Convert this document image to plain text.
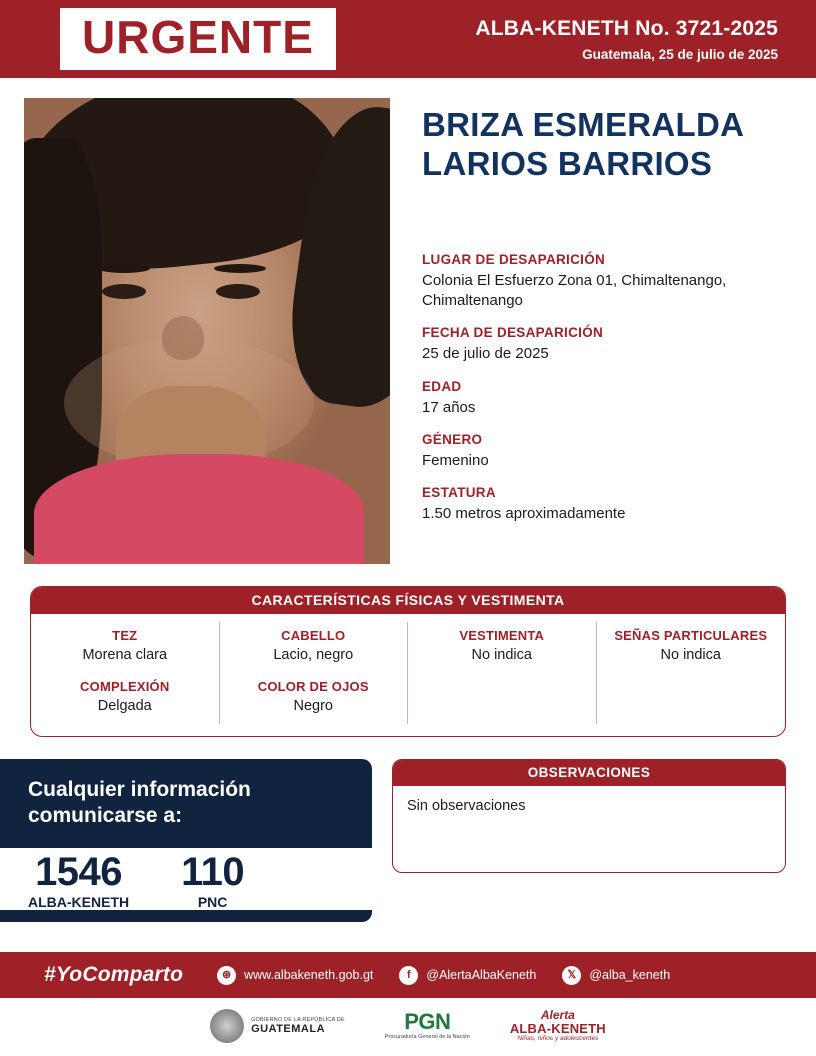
URGENTE	ALBA-KENETH No. 3721-2025
Guatemala, 25 de julio de 2025
BRIZA ESMERALDA
LARIOS BARRIOS
LUGAR DE DESAPARICIÓN
Colonia El Esfuerzo Zona 01, Chimaltenango, Chimaltenango
FECHA DE DESAPARICIÓN
25 de julio de 2025
EDAD
17 años
GÉNERO
Femenino
ESTATURA
1.50 metros aproximadamente
CARACTERÍSTICAS FÍSICAS Y VESTIMENTA
TEZ
Morena clara
CABELLO
Lacio, negro
VESTIMENTA
No indica
SEÑAS PARTICULARES
No indica
COMPLEXIÓN
Delgada
COLOR DE OJOS
Negro
Cualquier información
comunicarse a:
1546
ALBA-KENETH
110
PNC
OBSERVACIONES
Sin observaciones
#YoComparto	⊛	www.albakeneth.gob.gt	f	@AlertaAlbaKeneth	𝕏	@alba_keneth
GOBIERNO DE LA REPÚBLICA DE
GUATEMALA	PGN
Procuraduría General de la Nación
Alerta
ALBA-KENETH
Niñas, niños y adolescentes
